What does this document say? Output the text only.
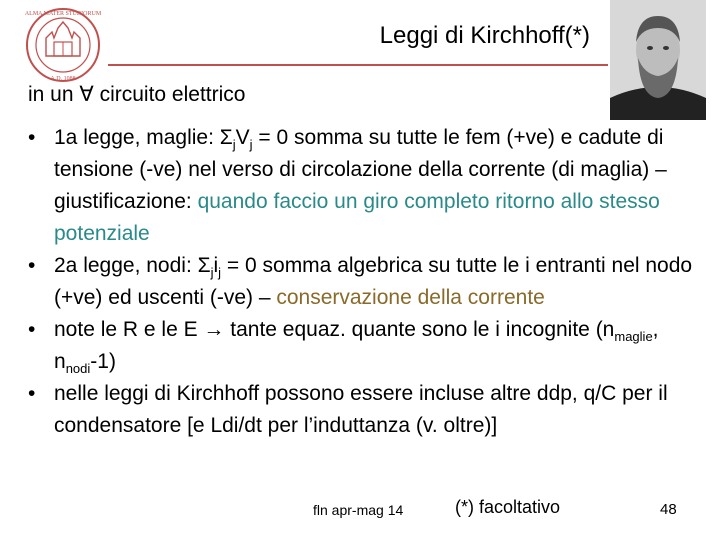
ALMA MATER STUDIORUM
A.D. 1088
Leggi di Kirchhoff(*)
in un ∀ circuito elettrico
• 1a legge, maglie: $\Sigma_jV_j = 0$ somma su tutte le fem (+ve) e cadute di tensione (-ve) nel verso di circolazione della corrente (di maglia) – giustificazione: quando faccio un giro completo ritorno allo stesso potenziale
• 2a legge, nodi: $\Sigma_ji_j = 0$ somma algebrica su tutte le i entranti nel nodo (+ve) ed uscenti (-ve) – conservazione della corrente
• note le R e le E → tante equaz. quante sono le i incognite ($n_{maglie}$, $n_{nodi}-1$)
• nelle leggi di Kirchhoff possono essere incluse altre ddp, q/C per il condensatore [e Ldi/dt per l’induttanza (v. oltre)]
fln apr-mag 14	(*) facoltativo	48
